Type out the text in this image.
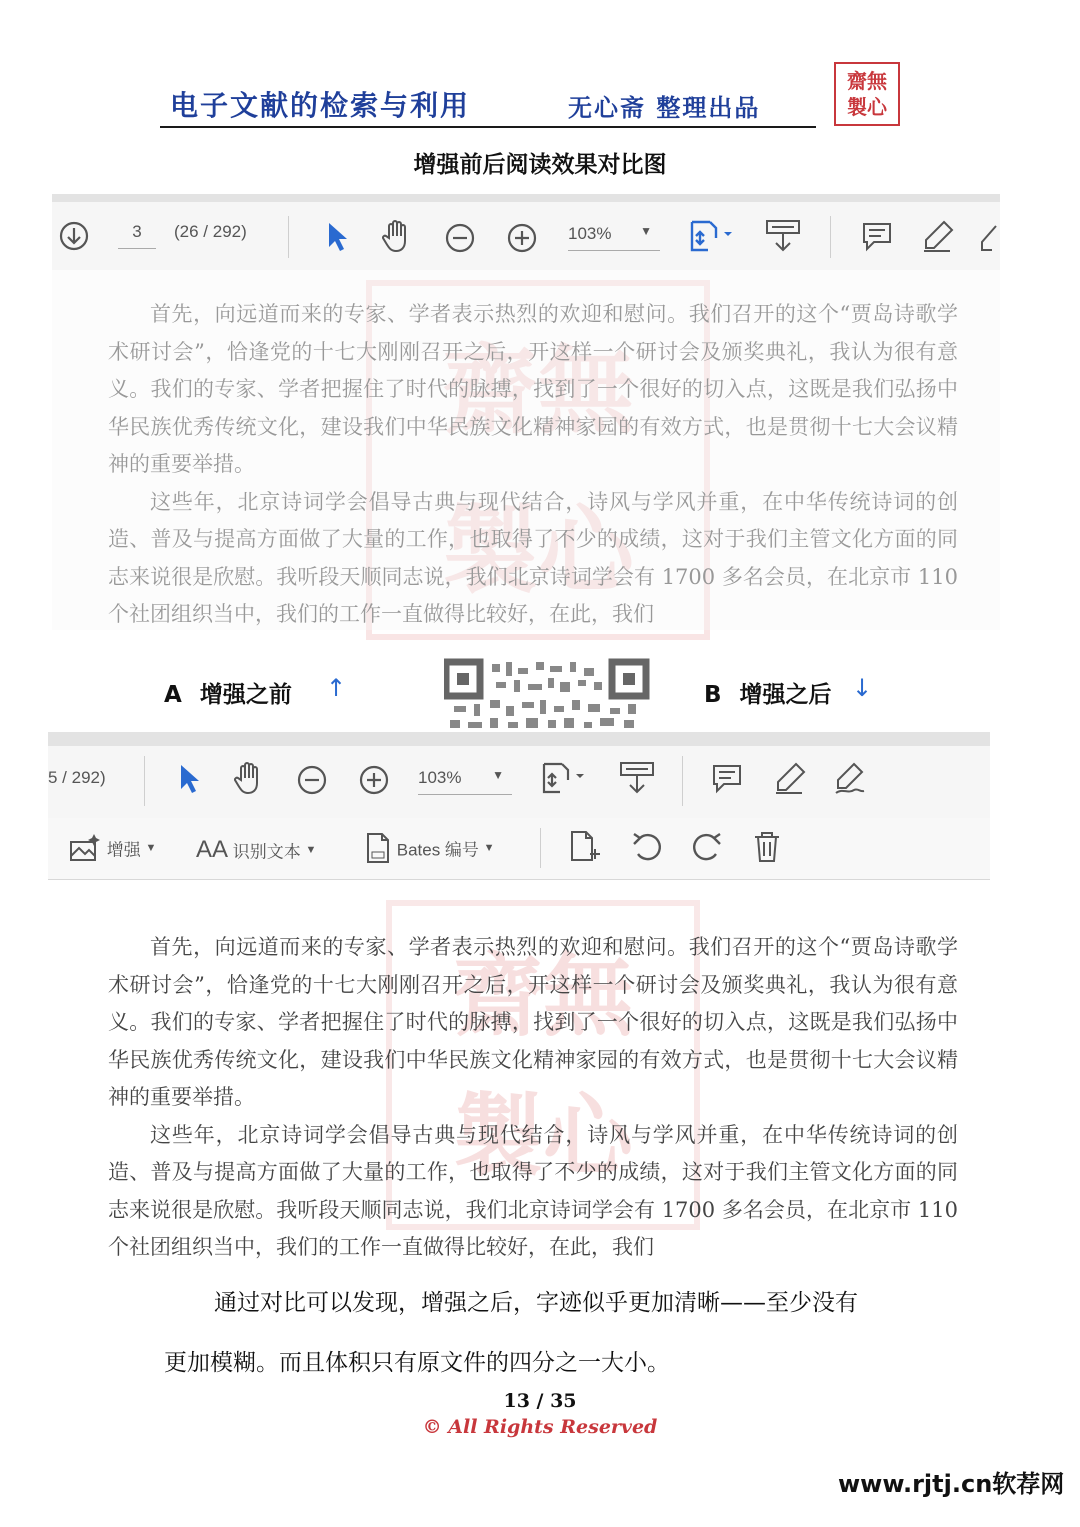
电子文献的检索与利用	无心斋 整理出品
齋無
製心
增强前后阅读效果对比图
齋無
製心
3	(26 / 292)	103% ▼

首先，向远道而来的专家、学者表示热烈的欢迎和慰问。我们召开的这个“贾岛诗歌学术研讨会”，恰逢党的十七大刚刚召开之后，开这样一个研讨会及颁奖典礼，我认为很有意义。我们的专家、学者把握住了时代的脉搏，找到了一个很好的切入点，这既是我们弘扬中华民族优秀传统文化，建设我们中华民族文化精神家园的有效方式，也是贯彻十七大会议精神的重要举措。

这些年，北京诗词学会倡导古典与现代结合，诗风与学风并重，在中华传统诗词的创造、普及与提高方面做了大量的工作，也取得了不少的成绩，这对于我们主管文化方面的同志来说很是欣慰。我听段天顺同志说，我们北京诗词学会有 1700 多名会员，在北京市 110 个社团组织当中，我们的工作一直做得比较好，在此，我们

A 增强之前 ↑	B 增强之后 ↓
齋無
製心
5 / 292)	103%	▼
增强 ▼ AA 识别文本 ▼	Bates 编号 ▼

首先，向远道而来的专家、学者表示热烈的欢迎和慰问。我们召开的这个“贾岛诗歌学术研讨会”，恰逢党的十七大刚刚召开之后，开这样一个研讨会及颁奖典礼，我认为很有意义。我们的专家、学者把握住了时代的脉搏，找到了一个很好的切入点，这既是我们弘扬中华民族优秀传统文化，建设我们中华民族文化精神家园的有效方式，也是贯彻十七大会议精神的重要举措。

这些年，北京诗词学会倡导古典与现代结合，诗风与学风并重，在中华传统诗词的创造、普及与提高方面做了大量的工作，也取得了不少的成绩，这对于我们主管文化方面的同志来说很是欣慰。我听段天顺同志说，我们北京诗词学会有 1700 多名会员，在北京市 110 个社团组织当中，我们的工作一直做得比较好，在此，我们

通过对比可以发现，增强之后，字迹似乎更加清晰——至少没有
更加模糊。而且体积只有原文件的四分之一大小。
13 / 35
© All Rights Reserved
www.rjtj.cn软荐网
